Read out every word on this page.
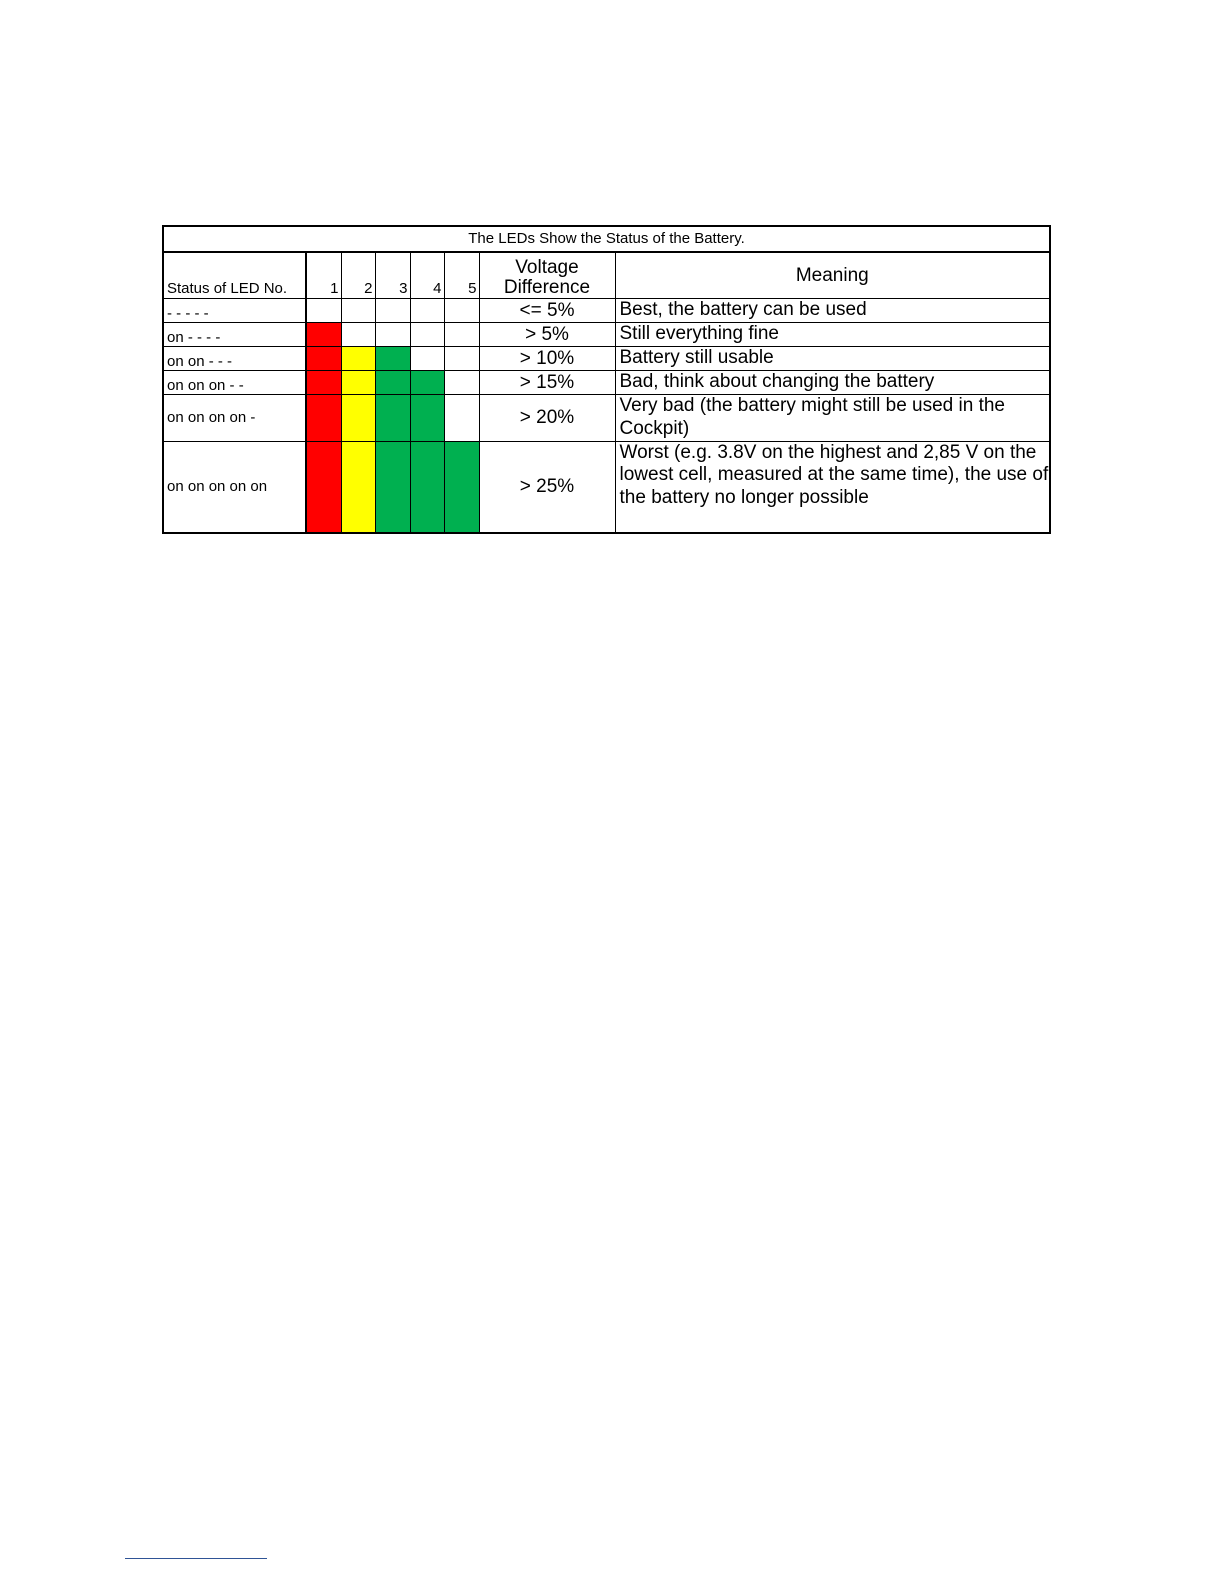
The LEDs Show the Status of the Battery.							
Status of LED No.	1	2	3	4	5	Voltage Difference	Meaning
- - - - -						<= 5%	Best, the battery can be used
on - - - -						> 5%	Still everything fine
on on - - -						> 10%	Battery still usable
on on on - -						> 15%	Bad, think about changing the battery
on on on on -						> 20%	Very bad (the battery might still be used in the Cockpit)
on on on on on						> 25%	Worst (e.g. 3.8V on the highest and 2,85 V on the lowest cell, measured at the same time), the use of the battery no longer possible
